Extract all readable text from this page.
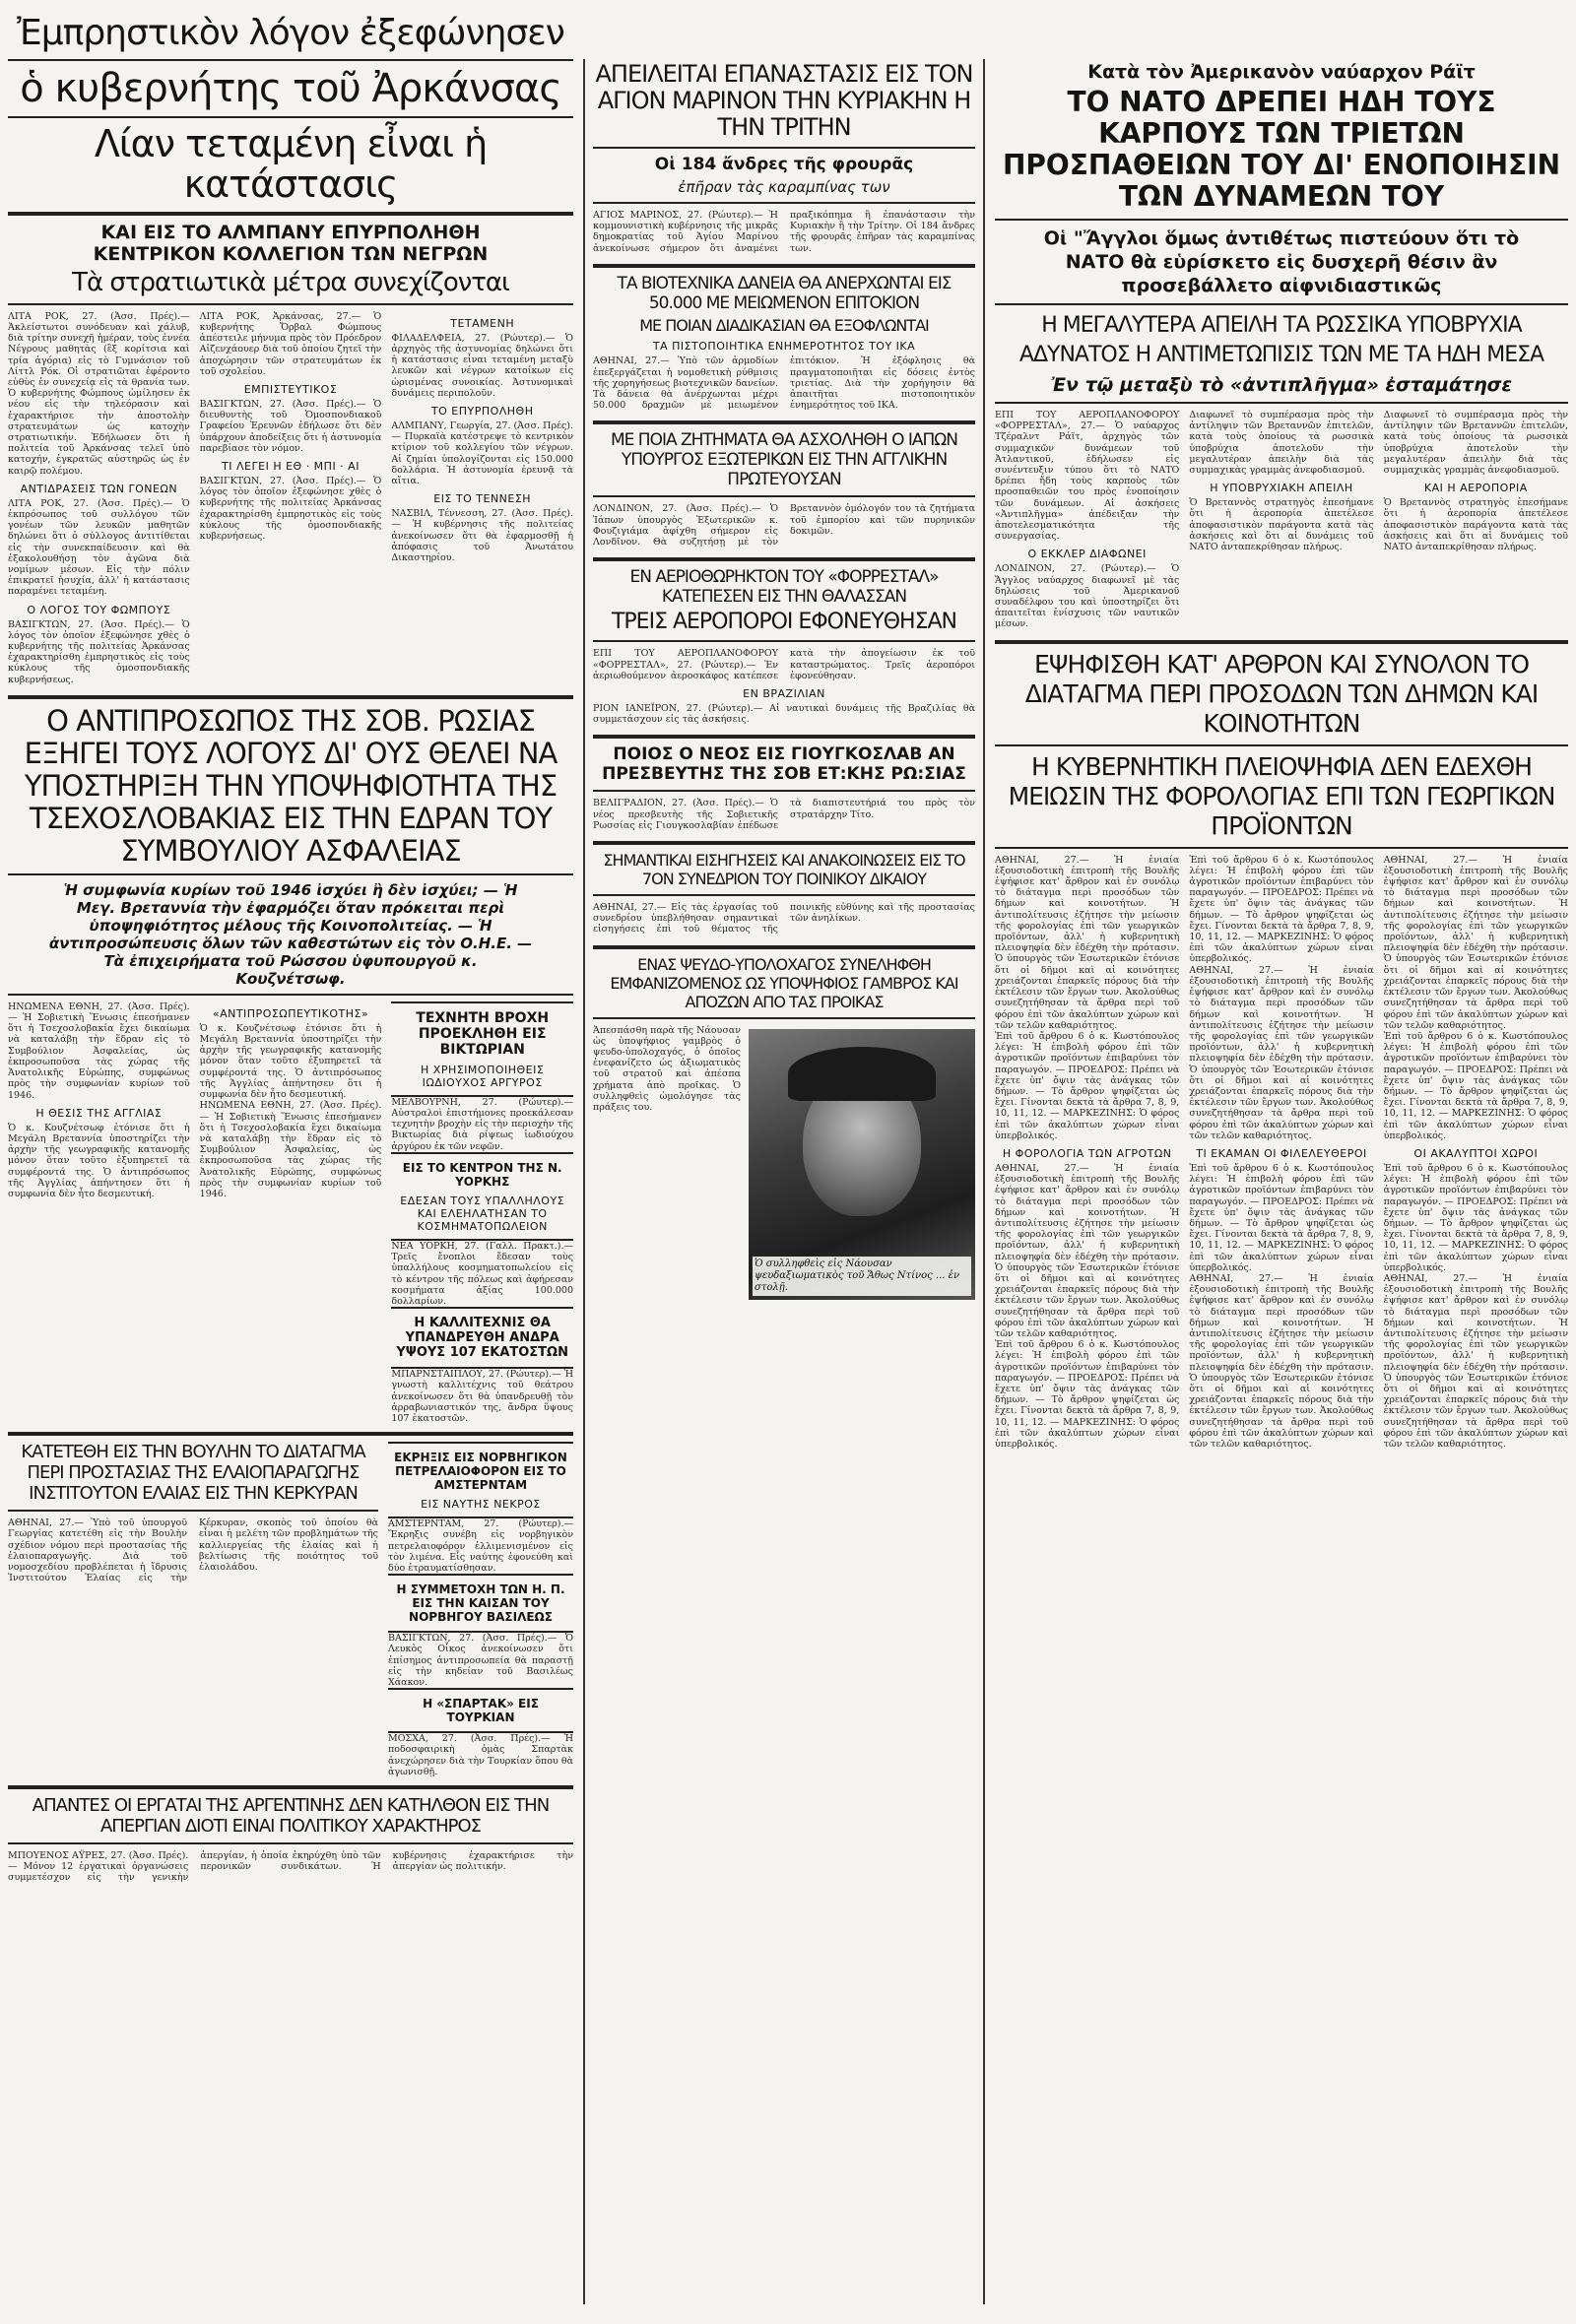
Ἐμπρηστικὸν λόγον ἐξεφώνησεν
ὁ κυβερνήτης τοῦ Ἀρκάνσας
Λίαν τεταμένη εἶναι ἡ κατάστασις
ΚΑΙ ΕΙΣ ΤΟ ΑΛΜΠΑΝΥ ΕΠΥΡΠΟΛΗΘΗ ΚΕΝΤΡΙΚΟΝ ΚΟΛΛΕΓΙΟΝ ΤΩΝ ΝΕΓΡΩΝ
Τὰ στρατιωτικὰ μέτρα συνεχίζονται

ΛΙΤΑ ΡΟΚ, 27. (Ἀσσ. Πρές).— Ἀκλείστωτοι συνόδευαν καὶ χάλυβ, διὰ τρίτην συνεχῆ ἡμέραν, τοὺς ἐννέα Νέγρους μαθητὰς (ἓξ κορίτσια καὶ τρία ἀγόρια) εἰς τὸ Γυμνάσιον τοῦ Λίττλ Ρόκ. Οἱ στρατιῶται ἐφέροντο εὐθὺς ἐν συνεχείᾳ εἰς τὰ θρανία των. Ὁ κυβερνήτης Φώμπους ὡμίλησεν ἐκ νέου εἰς τὴν τηλεόρασιν καὶ ἐχαρακτήρισε τὴν ἀποστολὴν στρατευμάτων ὡς κατοχὴν στρατιωτικήν. Ἐδήλωσεν ὅτι ἡ πολιτεία τοῦ Ἀρκάνσας τελεῖ ὑπὸ κατοχήν, ἐγκρατῶς αὐστηρῶς ὡς ἐν καιρῷ πολέμου.

ΑΝΤΙΔΡΑΣΕΙΣ ΤΩΝ ΓΟΝΕΩΝ

ΛΙΤΑ ΡΟΚ, 27. (Ἀσσ. Πρές).— Ὁ ἐκπρόσωπος τοῦ συλλόγου τῶν γονέων τῶν λευκῶν μαθητῶν δηλώνει ὅτι ὁ σύλλογος ἀντιτίθεται εἰς τὴν συνεκπαίδευσιν καὶ θὰ ἐξακολουθήσῃ τὸν ἀγῶνα διὰ νομίμων μέσων. Εἰς τὴν πόλιν ἐπικρατεῖ ἡσυχία, ἀλλ' ἡ κατάστασις παραμένει τεταμένη.

Ο ΛΟΓΟΣ ΤΟΥ ΦΩΜΠΟΥΣ

ΒΑΣΙΓΚΤΩΝ, 27. (Ἀσσ. Πρές).— Ὁ λόγος τὸν ὁποῖον ἐξεφώνησε χθὲς ὁ κυβερνήτης τῆς πολιτείας Ἀρκάνσας ἐχαρακτηρίσθη ἐμπρηστικὸς εἰς τοὺς κύκλους τῆς ὁμοσπονδιακῆς κυβερνήσεως.

ΛΙΤΑ ΡΟΚ, Ἀρκάνσας, 27.— Ὁ κυβερνήτης Ὄρβαλ Φώμπους ἀπέστειλε μήνυμα πρὸς τὸν Πρόεδρον Αἰζενχάουερ διὰ τοῦ ὁποίου ζητεῖ τὴν ἀποχώρησιν τῶν στρατευμάτων ἐκ τοῦ σχολείου.

ΕΜΠΙΣΤΕΥΤΙΚΟΣ

ΒΑΣΙΓΚΤΩΝ, 27. (Ἀσσ. Πρές).— Ὁ διευθυντὴς τοῦ Ὁμοσπονδιακοῦ Γραφείου Ἐρευνῶν ἐδήλωσε ὅτι δὲν ὑπάρχουν ἀποδείξεις ὅτι ἡ ἀστυνομία παρεβίασε τὸν νόμον.

ΤΙ ΛΕΓΕΙ Η ΕΘ · ΜΠΙ · ΑΙ

ΒΑΣΙΓΚΤΩΝ, 27. (Ἀσσ. Πρές).— Ὁ λόγος τὸν ὁποῖον ἐξεφώνησε χθὲς ὁ κυβερνήτης τῆς πολιτείας Ἀρκάνσας ἐχαρακτηρίσθη ἐμπρηστικὸς εἰς τοὺς κύκλους τῆς ὁμοσπονδιακῆς κυβερνήσεως.

ΤΕΤΑΜΕΝΗ

ΦΙΛΑΔΕΛΦΕΙΑ, 27. (Ρώυτερ).— Ὁ ἀρχηγὸς τῆς ἀστυνομίας δηλώνει ὅτι ἡ κατάστασις εἶναι τεταμένη μεταξὺ λευκῶν καὶ νέγρων κατοίκων εἰς ὡρισμένας συνοικίας. Ἀστυνομικαὶ δυνάμεις περιπολοῦν.

ΤΟ ΕΠΥΡΠΟΛΗΘΗ

ΑΛΜΠΑΝΥ, Γεωργία, 27. (Ἀσσ. Πρές).— Πυρκαϊὰ κατέστρεψε τὸ κεντρικὸν κτίριον τοῦ κολλεγίου τῶν νέγρων. Αἱ ζημίαι ὑπολογίζονται εἰς 150.000 δολλάρια. Ἡ ἀστυνομία ἐρευνᾷ τὰ αἴτια.

ΕΙΣ ΤΟ ΤΕΝΝΕΣΗ

ΝΑΣΒΙΛ, Τέννεσση, 27. (Ἀσσ. Πρές).— Ἡ κυβέρνησις τῆς πολιτείας ἀνεκοίνωσεν ὅτι θὰ ἐφαρμοσθῇ ἡ ἀπόφασις τοῦ Ἀνωτάτου Δικαστηρίου.

Ο ΑΝΤΙΠΡΟΣΩΠΟΣ ΤΗΣ ΣΟΒ. ΡΩΣΙΑΣ ΕΞΗΓΕΙ ΤΟΥΣ ΛΟΓΟΥΣ ΔΙ' ΟΥΣ ΘΕΛΕΙ ΝΑ ΥΠΟΣΤΗΡΙΞΗ ΤΗΝ ΥΠΟΨΗΦΙΟΤΗΤΑ ΤΗΣ ΤΣΕΧΟΣΛΟΒΑΚΙΑΣ ΕΙΣ ΤΗΝ ΕΔΡΑΝ ΤΟΥ ΣΥΜΒΟΥΛΙΟΥ ΑΣΦΑΛΕΙΑΣ
Ἡ συμφωνία κυρίων τοῦ 1946 ἰσχύει ἢ δὲν ἰσχύει; — Ἡ Μεγ. Βρεταννία τὴν ἐφαρμόζει ὅταν πρόκειται περὶ ὑποψηφιότητος μέλους τῆς Κοινοπολιτείας. — Ἡ ἀντιπροσώπευσις ὅλων τῶν καθεστώτων εἰς τὸν Ο.Η.Ε. — Τὰ ἐπιχειρήματα τοῦ Ρώσσου ὑφυπουργοῦ κ. Κουζνέτσωφ.

ΗΝΩΜΕΝΑ ΕΘΝΗ, 27. (Ἀσσ. Πρές).— Ἡ Σοβιετικὴ Ἕνωσις ἐπεσήμανεν ὅτι ἡ Τσεχοσλοβακία ἔχει δικαίωμα νὰ καταλάβῃ τὴν ἕδραν εἰς τὸ Συμβούλιον Ἀσφαλείας, ὡς ἐκπροσωποῦσα τὰς χώρας τῆς Ἀνατολικῆς Εὐρώπης, συμφώνως πρὸς τὴν συμφωνίαν κυρίων τοῦ 1946.

Η ΘΕΣΙΣ ΤΗΣ ΑΓΓΛΙΑΣ

Ὁ κ. Κουζνέτσωφ ἐτόνισε ὅτι ἡ Μεγάλη Βρεταννία ὑποστηρίζει τὴν ἀρχὴν τῆς γεωγραφικῆς κατανομῆς μόνον ὅταν τοῦτο ἐξυπηρετεῖ τὰ συμφέροντά της. Ὁ ἀντιπρόσωπος τῆς Ἀγγλίας ἀπήντησεν ὅτι ἡ συμφωνία δὲν ἦτο δεσμευτική.

«ΑΝΤΙΠΡΟΣΩΠΕΥΤΙΚΟΤΗΣ»

Ὁ κ. Κουζνέτσωφ ἐτόνισε ὅτι ἡ Μεγάλη Βρεταννία ὑποστηρίζει τὴν ἀρχὴν τῆς γεωγραφικῆς κατανομῆς μόνον ὅταν τοῦτο ἐξυπηρετεῖ τὰ συμφέροντά της. Ὁ ἀντιπρόσωπος τῆς Ἀγγλίας ἀπήντησεν ὅτι ἡ συμφωνία δὲν ἦτο δεσμευτική.

ΗΝΩΜΕΝΑ ΕΘΝΗ, 27. (Ἀσσ. Πρές).— Ἡ Σοβιετικὴ Ἕνωσις ἐπεσήμανεν ὅτι ἡ Τσεχοσλοβακία ἔχει δικαίωμα νὰ καταλάβῃ τὴν ἕδραν εἰς τὸ Συμβούλιον Ἀσφαλείας, ὡς ἐκπροσωποῦσα τὰς χώρας τῆς Ἀνατολικῆς Εὐρώπης, συμφώνως πρὸς τὴν συμφωνίαν κυρίων τοῦ 1946.

ΤΕΧΝΗΤΗ ΒΡΟΧΗ ΠΡΟΕΚΛΗΘΗ ΕΙΣ ΒΙΚΤΩΡΙΑΝ
Η ΧΡΗΣΙΜΟΠΟΙΗΘΕΙΣ ΙΩΔΙΟΥΧΟΣ ΑΡΓΥΡΟΣ

ΜΕΛΒΟΥΡΝΗ, 27. (Ρώυτερ).— Αὐστραλοὶ ἐπιστήμονες προεκάλεσαν τεχνητὴν βροχὴν εἰς τὴν περιοχὴν τῆς Βικτωρίας διὰ ρίψεως ἰωδιούχου ἀργύρου ἐκ τῶν νεφῶν.

ΕΙΣ ΤΟ ΚΕΝΤΡΟΝ ΤΗΣ Ν. ΥΟΡΚΗΣ
ΕΔΕΣΑΝ ΤΟΥΣ ΥΠΑΛΛΗΛΟΥΣ ΚΑΙ ΕΛΕΗΛΑΤΗΣΑΝ ΤΟ ΚΟΣΜΗΜΑΤΟΠΩΛΕΙΟΝ

ΝΕΑ ΥΟΡΚΗ, 27. (Γαλλ. Πρακτ.).— Τρεῖς ἔνοπλοι ἔδεσαν τοὺς ὑπαλλήλους κοσμηματοπωλείου εἰς τὸ κέντρον τῆς πόλεως καὶ ἀφήρεσαν κοσμήματα ἀξίας 100.000 δολλαρίων.

Η ΚΑΛΛΙΤΕΧΝΙΣ ΘΑ ΥΠΑΝΔΡΕΥΘΗ ΑΝΔΡΑ ΥΨΟΥΣ 107 ΕΚΑΤΟΣΤΩΝ

ΜΠΑΡΝΣΤΑΙΠΛΟΥ, 27. (Ρώυτερ).— Ἡ γνωστὴ καλλιτέχνις τοῦ θεάτρου ἀνεκοίνωσεν ὅτι θὰ ὑπανδρευθῇ τὸν ἀρραβωνιαστικόν της, ἄνδρα ὕψους 107 ἑκατοστῶν.

ΚΑΤΕΤΕΘΗ ΕΙΣ ΤΗΝ ΒΟΥΛΗΝ ΤΟ ΔΙΑΤΑΓΜΑ ΠΕΡΙ ΠΡΟΣΤΑΣΙΑΣ ΤΗΣ ΕΛΑΙΟΠΑΡΑΓΩΓΗΣ ΙΝΣΤΙΤΟΥΤΟΝ ΕΛΑΙΑΣ ΕΙΣ ΤΗΝ ΚΕΡΚΥΡΑΝ

ΑΘΗΝΑΙ, 27.— Ὑπὸ τοῦ ὑπουργοῦ Γεωργίας κατετέθη εἰς τὴν Βουλὴν σχέδιον νόμου περὶ προστασίας τῆς ἐλαιοπαραγωγῆς. Διὰ τοῦ νομοσχεδίου προβλέπεται ἡ ἵδρυσις Ἰνστιτούτου Ἐλαίας εἰς τὴν Κέρκυραν, σκοπὸς τοῦ ὁποίου θὰ εἶναι ἡ μελέτη τῶν προβλημάτων τῆς καλλιεργείας τῆς ἐλαίας καὶ ἡ βελτίωσις τῆς ποιότητος τοῦ ἐλαιολάδου.

ΕΚΡΗΞΙΣ ΕΙΣ ΝΟΡΒΗΓΙΚΟΝ ΠΕΤΡΕΛΑΙΟΦΟΡΟΝ ΕΙΣ ΤΟ ΑΜΣΤΕΡΝΤΑΜ
ΕΙΣ ΝΑΥΤΗΣ ΝΕΚΡΟΣ

ΑΜΣΤΕΡΝΤΑΜ, 27. (Ρώυτερ).— Ἔκρηξις συνέβη εἰς νορβηγικὸν πετρελαιοφόρον ἐλλιμενισμένον εἰς τὸν λιμένα. Εἷς ναύτης ἐφονεύθη καὶ δύο ἐτραυματίσθησαν.

Η ΣΥΜΜΕΤΟΧΗ ΤΩΝ Η. Π. ΕΙΣ ΤΗΝ ΚΑΙΣΑΝ ΤΟΥ ΝΟΡΒΗΓΟΥ ΒΑΣΙΛΕΩΣ

ΒΑΣΙΓΚΤΩΝ, 27. (Ἀσσ. Πρές).— Ὁ Λευκὸς Οἶκος ἀνεκοίνωσεν ὅτι ἐπίσημος ἀντιπροσωπεία θὰ παραστῇ εἰς τὴν κηδείαν τοῦ Βασιλέως Χάακον.

Η «ΣΠΑΡΤΑΚ» ΕΙΣ ΤΟΥΡΚΙΑΝ

ΜΟΣΧΑ, 27. (Ἀσσ. Πρές).— Ἡ ποδοσφαιρικὴ ὁμὰς Σπαρτὰκ ἀνεχώρησεν διὰ τὴν Τουρκίαν ὅπου θὰ ἀγωνισθῇ.

ΑΠΑΝΤΕΣ ΟΙ ΕΡΓΑΤΑΙ ΤΗΣ ΑΡΓΕΝΤΙΝΗΣ ΔΕΝ ΚΑΤΗΛΘΟΝ ΕΙΣ ΤΗΝ ΑΠΕΡΓΙΑΝ ΔΙΟΤΙ ΕΙΝΑΙ ΠΟΛΙΤΙΚΟΥ ΧΑΡΑΚΤΗΡΟΣ

ΜΠΟΥΕΝΟΣ ΑΫΡΕΣ, 27. (Ἀσσ. Πρές).— Μόνον 12 ἐργατικαὶ ὀργανώσεις συμμετέσχον εἰς τὴν γενικὴν ἀπεργίαν, ἡ ὁποία ἐκηρύχθη ὑπὸ τῶν περονικῶν συνδικάτων. Ἡ κυβέρνησις ἐχαρακτήρισε τὴν ἀπεργίαν ὡς πολιτικήν.

ΑΠΕΙΛΕΙΤΑΙ ΕΠΑΝΑΣΤΑΣΙΣ ΕΙΣ ΤΟΝ ΑΓΙΟΝ ΜΑΡΙΝΟΝ ΤΗΝ ΚΥΡΙΑΚΗΝ Η ΤΗΝ ΤΡΙΤΗΝ
Οἱ 184 ἄνδρες τῆς φρουρᾶς
ἐπῆραν τὰς καραμπίνας των

ΑΓΙΟΣ ΜΑΡΙΝΟΣ, 27. (Ρώυτερ).— Ἡ κομμουνιστικὴ κυβέρνησις τῆς μικρᾶς δημοκρατίας τοῦ Ἁγίου Μαρίνου ἀνεκοίνωσε σήμερον ὅτι ἀναμένει πραξικόπημα ἢ ἐπανάστασιν τὴν Κυριακὴν ἢ τὴν Τρίτην. Οἱ 184 ἄνδρες τῆς φρουρᾶς ἐπῆραν τὰς καραμπίνας των.

ΤΑ ΒΙΟΤΕΧΝΙΚΑ ΔΑΝΕΙΑ ΘΑ ΑΝΕΡΧΩΝΤΑΙ ΕΙΣ 50.000 ΜΕ ΜΕΙΩΜΕΝΟΝ ΕΠΙΤΟΚΙΟΝ
ΜΕ ΠΟΙΑΝ ΔΙΑΔΙΚΑΣΙΑΝ ΘΑ ΕΞΟΦΛΩΝΤΑΙ
ΤΑ ΠΙΣΤΟΠΟΙΗΤΙΚΑ ΕΝΗΜΕΡΟΤΗΤΟΣ ΤΟΥ ΙΚΑ

ΑΘΗΝΑΙ, 27.— Ὑπὸ τῶν ἁρμοδίων ἐπεξεργάζεται ἡ νομοθετικὴ ρύθμισις τῆς χορηγήσεως βιοτεχνικῶν δανείων. Τὰ δάνεια θὰ ἀνέρχωνται μέχρι 50.000 δραχμῶν μὲ μειωμένον ἐπιτόκιον. Ἡ ἐξόφλησις θὰ πραγματοποιῆται εἰς δόσεις ἐντὸς τριετίας. Διὰ τὴν χορήγησιν θὰ ἀπαιτῆται πιστοποιητικὸν ἐνημερότητος τοῦ ΙΚΑ.

ΜΕ ΠΟΙΑ ΖΗΤΗΜΑΤΑ ΘΑ ΑΣΧΟΛΗΘΗ Ο ΙΑΠΩΝ ΥΠΟΥΡΓΟΣ ΕΞΩΤΕΡΙΚΩΝ ΕΙΣ ΤΗΝ ΑΓΓΛΙΚΗΝ ΠΡΩΤΕΥΟΥΣΑΝ

ΛΟΝΔΙΝΟΝ, 27. (Ἀσσ. Πρές).— Ὁ Ἰάπων ὑπουργὸς Ἐξωτερικῶν κ. Φουζιγιάμα ἀφίχθη σήμερον εἰς Λονδῖνον. Θὰ συζητήσῃ μὲ τὸν Βρεταννὸν ὁμόλογόν του τὰ ζητήματα τοῦ ἐμπορίου καὶ τῶν πυρηνικῶν δοκιμῶν.

ΕΝ ΑΕΡΙΟΘΩΡΗΚΤΟΝ ΤΟΥ «ΦΟΡΡΕΣΤΑΛ» ΚΑΤΕΠΕΣΕΝ ΕΙΣ ΤΗΝ ΘΑΛΑΣΣΑΝ
ΤΡΕΙΣ ΑΕΡΟΠΟΡΟΙ ΕΦΟΝΕΥΘΗΣΑΝ

ΕΠΙ ΤΟΥ ΑΕΡΟΠΛΑΝΟΦΟΡΟΥ «ΦΟΡΡΕΣΤΑΛ», 27. (Ρώυτερ).— Ἐν ἀεριωθούμενον ἀεροσκάφος κατέπεσε κατὰ τὴν ἀπογείωσιν ἐκ τοῦ καταστρώματος. Τρεῖς ἀεροπόροι ἐφονεύθησαν.

ΕΝ ΒΡΑΖΙΛΙΑΝ

ΡΙΟΝ ΙΑΝΕΪΡΟΝ, 27. (Ρώυτερ).— Αἱ ναυτικαὶ δυνάμεις τῆς Βραζιλίας θὰ συμμετάσχουν εἰς τὰς ἀσκήσεις.

ΠΟΙΟΣ Ο ΝΕΟΣ ΕΙΣ ΓΙΟΥΓΚΟΣΛΑΒ ΑΝ ΠΡΕΣΒΕΥΤΗΣ ΤΗΣ ΣΟΒ ΕΤ:ΚΗΣ ΡΩ:ΣΙΑΣ

ΒΕΛΙΓΡΑΔΙΟΝ, 27. (Ἀσσ. Πρές).— Ὁ νέος πρεσβευτὴς τῆς Σοβιετικῆς Ρωσσίας εἰς Γιουγκοσλαβίαν ἐπέδωσε τὰ διαπιστευτήριά του πρὸς τὸν στρατάρχην Τίτο.

ΣΗΜΑΝΤΙΚΑΙ ΕΙΣΗΓΗΣΕΙΣ ΚΑΙ ΑΝΑΚΟΙΝΩΣΕΙΣ ΕΙΣ ΤΟ 7ΟΝ ΣΥΝΕΔΡΙΟΝ ΤΟΥ ΠΟΙΝΙΚΟΥ ΔΙΚΑΙΟΥ

ΑΘΗΝΑΙ, 27.— Εἰς τὰς ἐργασίας τοῦ συνεδρίου ὑπεβλήθησαν σημαντικαὶ εἰσηγήσεις ἐπὶ τοῦ θέματος τῆς ποινικῆς εὐθύνης καὶ τῆς προστασίας τῶν ἀνηλίκων.

ΕΝΑΣ ΨΕΥΔΟ-ΥΠΟΛΟΧΑΓΟΣ ΣΥΝΕΛΗΦΘΗ ΕΜΦΑΝΙΖΟΜΕΝΟΣ ΩΣ ΥΠΟΨΗΦΙΟΣ ΓΑΜΒΡΟΣ ΚΑΙ ΑΠΟΖΩΝ ΑΠΟ ΤΑΣ ΠΡΟΙΚΑΣ

Ἀπεσπάσθη παρὰ τῆς Νάουσαν ὡς ὑποψήφιος γαμβρὸς ὁ ψευδο-ὑπολοχαγός, ὁ ὁποῖος ἐνεφανίζετο ὡς ἀξιωματικὸς τοῦ στρατοῦ καὶ ἀπέσπα χρήματα ἀπὸ προῖκας. Ὁ συλληφθεὶς ὡμολόγησε τὰς πράξεις του.

Ὁ συλληφθεὶς εἰς Νάουσαν ψευδαξιωματικὸς τοῦ Ἄθως Ντίνος ... ἐν στολῇ.
Κατὰ τὸν Ἀμερικανὸν ναύαρχον Ράϊτ
ΤΟ ΝΑΤΟ ΔΡΕΠΕΙ ΗΔΗ ΤΟΥΣ ΚΑΡΠΟΥΣ ΤΩΝ ΤΡΙΕΤΩΝ ΠΡΟΣΠΑΘΕΙΩΝ ΤΟΥ ΔΙ' ΕΝΟΠΟΙΗΣΙΝ ΤΩΝ ΔΥΝΑΜΕΩΝ ΤΟΥ
Οἱ "Ἄγγλοι ὅμως ἀντιθέτως πιστεύουν ὅτι τὸ ΝΑΤΟ θὰ εὑρίσκετο εἰς δυσχερῆ θέσιν ἂν προσεβάλλετο αἰφνιδιαστικῶς
Η ΜΕΓΑΛΥΤΕΡΑ ΑΠΕΙΛΗ ΤΑ ΡΩΣΣΙΚΑ ΥΠΟΒΡΥΧΙΑ ΑΔΥΝΑΤΟΣ Η ΑΝΤΙΜΕΤΩΠΙΣΙΣ ΤΩΝ ΜΕ ΤΑ ΗΔΗ ΜΕΣΑ
Ἐν τῷ μεταξὺ τὸ «ἀντιπλῆγμα» ἐσταμάτησε

ΕΠΙ ΤΟΥ ΑΕΡΟΠΛΑΝΟΦΟΡΟΥ «ΦΟΡΡΕΣΤΑΛ», 27.— Ὁ ναύαρχος Τζέραλντ Ράϊτ, ἀρχηγὸς τῶν συμμαχικῶν δυνάμεων τοῦ Ἀτλαντικοῦ, ἐδήλωσεν εἰς συνέντευξιν τύπου ὅτι τὸ ΝΑΤΟ δρέπει ἤδη τοὺς καρποὺς τῶν προσπαθειῶν του πρὸς ἑνοποίησιν τῶν δυνάμεων. Αἱ ἀσκήσεις «Ἀντιπλῆγμα» ἀπέδειξαν τὴν ἀποτελεσματικότητα τῆς συνεργασίας.

Ο ΕΚΚΛΕΡ ΔΙΑΦΩΝΕΙ

ΛΟΝΔΙΝΟΝ, 27. (Ρώυτερ).— Ὁ Ἄγγλος ναύαρχος διαφωνεῖ μὲ τὰς δηλώσεις τοῦ Ἀμερικανοῦ συναδέλφου του καὶ ὑποστηρίζει ὅτι ἀπαιτεῖται ἐνίσχυσις τῶν ναυτικῶν μέσων.

Διαφωνεῖ τὸ συμπέρασμα πρὸς τὴν ἀντίληψιν τῶν Βρεταννῶν ἐπιτελῶν, κατὰ τοὺς ὁποίους τὰ ρωσσικὰ ὑποβρύχια ἀποτελοῦν τὴν μεγαλυτέραν ἀπειλὴν διὰ τὰς συμμαχικὰς γραμμὰς ἀνεφοδιασμοῦ.

Η ΥΠΟΒΡΥΧΙΑΚΗ ΑΠΕΙΛΗ

Ὁ Βρεταννὸς στρατηγὸς ἐπεσήμανε ὅτι ἡ ἀεροπορία ἀπετέλεσε ἀποφασιστικὸν παράγοντα κατὰ τὰς ἀσκήσεις καὶ ὅτι αἱ δυνάμεις τοῦ ΝΑΤΟ ἀνταπεκρίθησαν πλήρως.

Διαφωνεῖ τὸ συμπέρασμα πρὸς τὴν ἀντίληψιν τῶν Βρεταννῶν ἐπιτελῶν, κατὰ τοὺς ὁποίους τὰ ρωσσικὰ ὑποβρύχια ἀποτελοῦν τὴν μεγαλυτέραν ἀπειλὴν διὰ τὰς συμμαχικὰς γραμμὰς ἀνεφοδιασμοῦ.

ΚΑΙ Η ΑΕΡΟΠΟΡΙΑ

Ὁ Βρεταννὸς στρατηγὸς ἐπεσήμανε ὅτι ἡ ἀεροπορία ἀπετέλεσε ἀποφασιστικὸν παράγοντα κατὰ τὰς ἀσκήσεις καὶ ὅτι αἱ δυνάμεις τοῦ ΝΑΤΟ ἀνταπεκρίθησαν πλήρως.

ΕΨΗΦΙΣΘΗ ΚΑΤ' ΑΡΘΡΟΝ ΚΑΙ ΣΥΝΟΛΟΝ ΤΟ ΔΙΑΤΑΓΜΑ ΠΕΡΙ ΠΡΟΣΟΔΩΝ ΤΩΝ ΔΗΜΩΝ ΚΑΙ ΚΟΙΝΟΤΗΤΩΝ
Η ΚΥΒΕΡΝΗΤΙΚΗ ΠΛΕΙΟΨΗΦΙΑ ΔΕΝ ΕΔΕΧΘΗ ΜΕΙΩΣΙΝ ΤΗΣ ΦΟΡΟΛΟΓΙΑΣ ΕΠΙ ΤΩΝ ΓΕΩΡΓΙΚΩΝ ΠΡΟΪΟΝΤΩΝ

ΑΘΗΝΑΙ, 27.— Ἡ ἐνιαία ἐξουσιοδοτικὴ ἐπιτροπὴ τῆς Βουλῆς ἐψήφισε κατ' ἄρθρον καὶ ἐν συνόλῳ τὸ διάταγμα περὶ προσόδων τῶν δήμων καὶ κοινοτήτων. Ἡ ἀντιπολίτευσις ἐζήτησε τὴν μείωσιν τῆς φορολογίας ἐπὶ τῶν γεωργικῶν προϊόντων, ἀλλ' ἡ κυβερνητικὴ πλειοψηφία δὲν ἐδέχθη τὴν πρότασιν. Ὁ ὑπουργὸς τῶν Ἐσωτερικῶν ἐτόνισε ὅτι οἱ δῆμοι καὶ αἱ κοινότητες χρειάζονται ἐπαρκεῖς πόρους διὰ τὴν ἐκτέλεσιν τῶν ἔργων των. Ἀκολούθως συνεζητήθησαν τὰ ἄρθρα περὶ τοῦ φόρου ἐπὶ τῶν ἀκαλύπτων χώρων καὶ τῶν τελῶν καθαριότητος.

Ἐπὶ τοῦ ἄρθρου 6 ὁ κ. Κωστόπουλος λέγει: Ἡ ἐπιβολὴ φόρου ἐπὶ τῶν ἀγροτικῶν προϊόντων ἐπιβαρύνει τὸν παραγωγόν. — ΠΡΟΕΔΡΟΣ: Πρέπει νὰ ἔχετε ὑπ' ὄψιν τὰς ἀνάγκας τῶν δήμων. — Τὸ ἄρθρον ψηφίζεται ὡς ἔχει. Γίνονται δεκτὰ τὰ ἄρθρα 7, 8, 9, 10, 11, 12. — ΜΑΡΚΕΖΙΝΗΣ: Ὁ φόρος ἐπὶ τῶν ἀκαλύπτων χώρων εἶναι ὑπερβολικός.

Η ΦΟΡΟΛΟΓΙΑ ΤΩΝ ΑΓΡΟΤΩΝ

ΑΘΗΝΑΙ, 27.— Ἡ ἐνιαία ἐξουσιοδοτικὴ ἐπιτροπὴ τῆς Βουλῆς ἐψήφισε κατ' ἄρθρον καὶ ἐν συνόλῳ τὸ διάταγμα περὶ προσόδων τῶν δήμων καὶ κοινοτήτων. Ἡ ἀντιπολίτευσις ἐζήτησε τὴν μείωσιν τῆς φορολογίας ἐπὶ τῶν γεωργικῶν προϊόντων, ἀλλ' ἡ κυβερνητικὴ πλειοψηφία δὲν ἐδέχθη τὴν πρότασιν. Ὁ ὑπουργὸς τῶν Ἐσωτερικῶν ἐτόνισε ὅτι οἱ δῆμοι καὶ αἱ κοινότητες χρειάζονται ἐπαρκεῖς πόρους διὰ τὴν ἐκτέλεσιν τῶν ἔργων των. Ἀκολούθως συνεζητήθησαν τὰ ἄρθρα περὶ τοῦ φόρου ἐπὶ τῶν ἀκαλύπτων χώρων καὶ τῶν τελῶν καθαριότητος.

Ἐπὶ τοῦ ἄρθρου 6 ὁ κ. Κωστόπουλος λέγει: Ἡ ἐπιβολὴ φόρου ἐπὶ τῶν ἀγροτικῶν προϊόντων ἐπιβαρύνει τὸν παραγωγόν. — ΠΡΟΕΔΡΟΣ: Πρέπει νὰ ἔχετε ὑπ' ὄψιν τὰς ἀνάγκας τῶν δήμων. — Τὸ ἄρθρον ψηφίζεται ὡς ἔχει. Γίνονται δεκτὰ τὰ ἄρθρα 7, 8, 9, 10, 11, 12. — ΜΑΡΚΕΖΙΝΗΣ: Ὁ φόρος ἐπὶ τῶν ἀκαλύπτων χώρων εἶναι ὑπερβολικός.

Ἐπὶ τοῦ ἄρθρου 6 ὁ κ. Κωστόπουλος λέγει: Ἡ ἐπιβολὴ φόρου ἐπὶ τῶν ἀγροτικῶν προϊόντων ἐπιβαρύνει τὸν παραγωγόν. — ΠΡΟΕΔΡΟΣ: Πρέπει νὰ ἔχετε ὑπ' ὄψιν τὰς ἀνάγκας τῶν δήμων. — Τὸ ἄρθρον ψηφίζεται ὡς ἔχει. Γίνονται δεκτὰ τὰ ἄρθρα 7, 8, 9, 10, 11, 12. — ΜΑΡΚΕΖΙΝΗΣ: Ὁ φόρος ἐπὶ τῶν ἀκαλύπτων χώρων εἶναι ὑπερβολικός.

ΑΘΗΝΑΙ, 27.— Ἡ ἐνιαία ἐξουσιοδοτικὴ ἐπιτροπὴ τῆς Βουλῆς ἐψήφισε κατ' ἄρθρον καὶ ἐν συνόλῳ τὸ διάταγμα περὶ προσόδων τῶν δήμων καὶ κοινοτήτων. Ἡ ἀντιπολίτευσις ἐζήτησε τὴν μείωσιν τῆς φορολογίας ἐπὶ τῶν γεωργικῶν προϊόντων, ἀλλ' ἡ κυβερνητικὴ πλειοψηφία δὲν ἐδέχθη τὴν πρότασιν. Ὁ ὑπουργὸς τῶν Ἐσωτερικῶν ἐτόνισε ὅτι οἱ δῆμοι καὶ αἱ κοινότητες χρειάζονται ἐπαρκεῖς πόρους διὰ τὴν ἐκτέλεσιν τῶν ἔργων των. Ἀκολούθως συνεζητήθησαν τὰ ἄρθρα περὶ τοῦ φόρου ἐπὶ τῶν ἀκαλύπτων χώρων καὶ τῶν τελῶν καθαριότητος.

ΤΙ ΕΚΑΜΑΝ ΟΙ ΦΙΛΕΛΕΥΘΕΡΟΙ

Ἐπὶ τοῦ ἄρθρου 6 ὁ κ. Κωστόπουλος λέγει: Ἡ ἐπιβολὴ φόρου ἐπὶ τῶν ἀγροτικῶν προϊόντων ἐπιβαρύνει τὸν παραγωγόν. — ΠΡΟΕΔΡΟΣ: Πρέπει νὰ ἔχετε ὑπ' ὄψιν τὰς ἀνάγκας τῶν δήμων. — Τὸ ἄρθρον ψηφίζεται ὡς ἔχει. Γίνονται δεκτὰ τὰ ἄρθρα 7, 8, 9, 10, 11, 12. — ΜΑΡΚΕΖΙΝΗΣ: Ὁ φόρος ἐπὶ τῶν ἀκαλύπτων χώρων εἶναι ὑπερβολικός.

ΑΘΗΝΑΙ, 27.— Ἡ ἐνιαία ἐξουσιοδοτικὴ ἐπιτροπὴ τῆς Βουλῆς ἐψήφισε κατ' ἄρθρον καὶ ἐν συνόλῳ τὸ διάταγμα περὶ προσόδων τῶν δήμων καὶ κοινοτήτων. Ἡ ἀντιπολίτευσις ἐζήτησε τὴν μείωσιν τῆς φορολογίας ἐπὶ τῶν γεωργικῶν προϊόντων, ἀλλ' ἡ κυβερνητικὴ πλειοψηφία δὲν ἐδέχθη τὴν πρότασιν. Ὁ ὑπουργὸς τῶν Ἐσωτερικῶν ἐτόνισε ὅτι οἱ δῆμοι καὶ αἱ κοινότητες χρειάζονται ἐπαρκεῖς πόρους διὰ τὴν ἐκτέλεσιν τῶν ἔργων των. Ἀκολούθως συνεζητήθησαν τὰ ἄρθρα περὶ τοῦ φόρου ἐπὶ τῶν ἀκαλύπτων χώρων καὶ τῶν τελῶν καθαριότητος.

ΑΘΗΝΑΙ, 27.— Ἡ ἐνιαία ἐξουσιοδοτικὴ ἐπιτροπὴ τῆς Βουλῆς ἐψήφισε κατ' ἄρθρον καὶ ἐν συνόλῳ τὸ διάταγμα περὶ προσόδων τῶν δήμων καὶ κοινοτήτων. Ἡ ἀντιπολίτευσις ἐζήτησε τὴν μείωσιν τῆς φορολογίας ἐπὶ τῶν γεωργικῶν προϊόντων, ἀλλ' ἡ κυβερνητικὴ πλειοψηφία δὲν ἐδέχθη τὴν πρότασιν. Ὁ ὑπουργὸς τῶν Ἐσωτερικῶν ἐτόνισε ὅτι οἱ δῆμοι καὶ αἱ κοινότητες χρειάζονται ἐπαρκεῖς πόρους διὰ τὴν ἐκτέλεσιν τῶν ἔργων των. Ἀκολούθως συνεζητήθησαν τὰ ἄρθρα περὶ τοῦ φόρου ἐπὶ τῶν ἀκαλύπτων χώρων καὶ τῶν τελῶν καθαριότητος.

Ἐπὶ τοῦ ἄρθρου 6 ὁ κ. Κωστόπουλος λέγει: Ἡ ἐπιβολὴ φόρου ἐπὶ τῶν ἀγροτικῶν προϊόντων ἐπιβαρύνει τὸν παραγωγόν. — ΠΡΟΕΔΡΟΣ: Πρέπει νὰ ἔχετε ὑπ' ὄψιν τὰς ἀνάγκας τῶν δήμων. — Τὸ ἄρθρον ψηφίζεται ὡς ἔχει. Γίνονται δεκτὰ τὰ ἄρθρα 7, 8, 9, 10, 11, 12. — ΜΑΡΚΕΖΙΝΗΣ: Ὁ φόρος ἐπὶ τῶν ἀκαλύπτων χώρων εἶναι ὑπερβολικός.

ΟΙ ΑΚΑΛΥΠΤΟΙ ΧΩΡΟΙ

Ἐπὶ τοῦ ἄρθρου 6 ὁ κ. Κωστόπουλος λέγει: Ἡ ἐπιβολὴ φόρου ἐπὶ τῶν ἀγροτικῶν προϊόντων ἐπιβαρύνει τὸν παραγωγόν. — ΠΡΟΕΔΡΟΣ: Πρέπει νὰ ἔχετε ὑπ' ὄψιν τὰς ἀνάγκας τῶν δήμων. — Τὸ ἄρθρον ψηφίζεται ὡς ἔχει. Γίνονται δεκτὰ τὰ ἄρθρα 7, 8, 9, 10, 11, 12. — ΜΑΡΚΕΖΙΝΗΣ: Ὁ φόρος ἐπὶ τῶν ἀκαλύπτων χώρων εἶναι ὑπερβολικός.

ΑΘΗΝΑΙ, 27.— Ἡ ἐνιαία ἐξουσιοδοτικὴ ἐπιτροπὴ τῆς Βουλῆς ἐψήφισε κατ' ἄρθρον καὶ ἐν συνόλῳ τὸ διάταγμα περὶ προσόδων τῶν δήμων καὶ κοινοτήτων. Ἡ ἀντιπολίτευσις ἐζήτησε τὴν μείωσιν τῆς φορολογίας ἐπὶ τῶν γεωργικῶν προϊόντων, ἀλλ' ἡ κυβερνητικὴ πλειοψηφία δὲν ἐδέχθη τὴν πρότασιν. Ὁ ὑπουργὸς τῶν Ἐσωτερικῶν ἐτόνισε ὅτι οἱ δῆμοι καὶ αἱ κοινότητες χρειάζονται ἐπαρκεῖς πόρους διὰ τὴν ἐκτέλεσιν τῶν ἔργων των. Ἀκολούθως συνεζητήθησαν τὰ ἄρθρα περὶ τοῦ φόρου ἐπὶ τῶν ἀκαλύπτων χώρων καὶ τῶν τελῶν καθαριότητος.
